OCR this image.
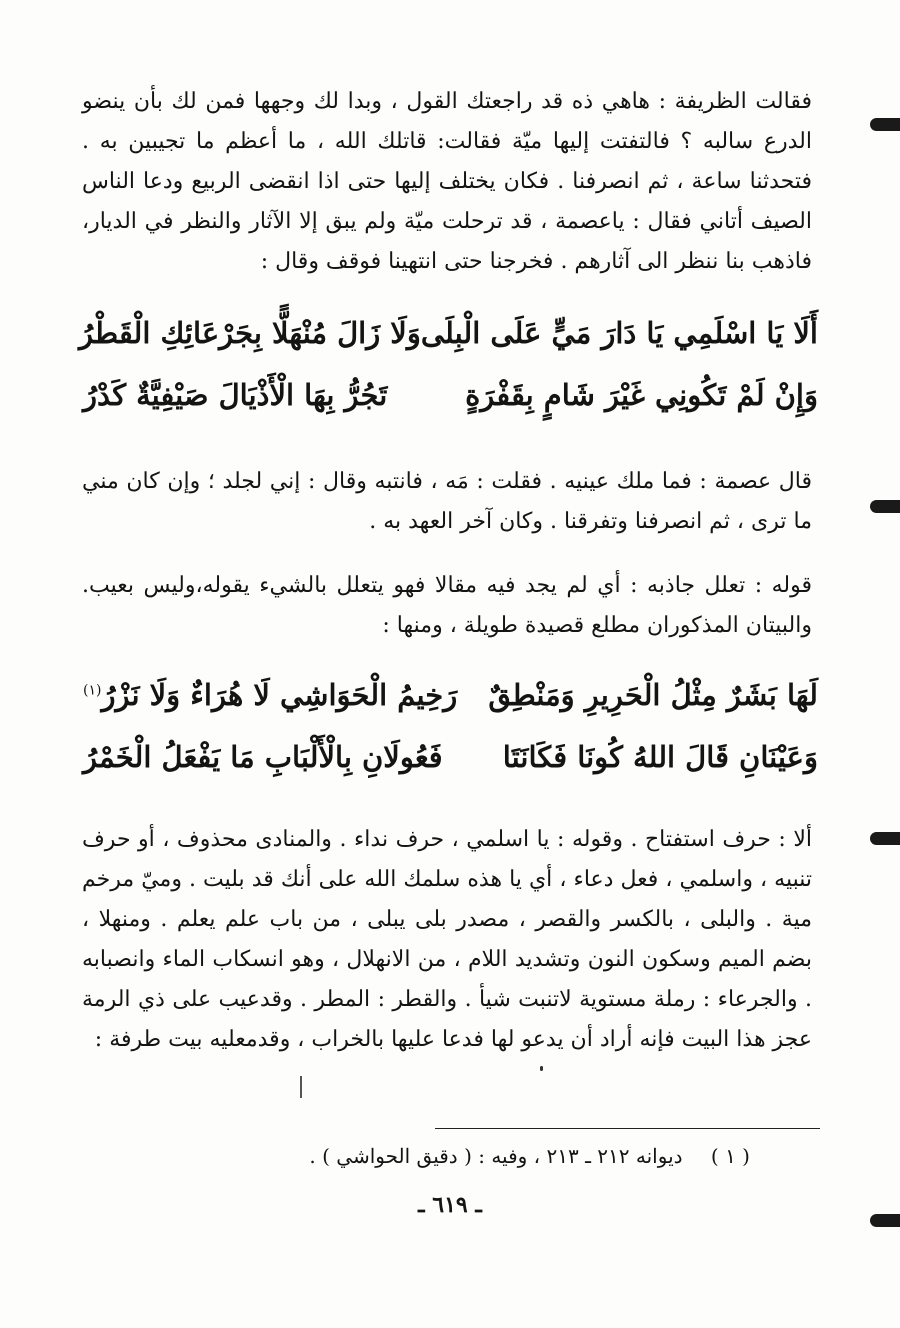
فقالت الظريفة : هاهي ذه قد راجعتك القول ، وبدا لك وجهها فمن لك بأن ينضو الدرع سالبه ؟ فالتفتت إليها ميّة فقالت: قاتلك الله ، ما أعظم ما تجيبين به . فتحدثنا ساعة ، ثم انصرفنا . فكان يختلف إليها حتى اذا انقضى الربيع ودعا الناس الصيف أتاني فقال : ياعصمة ، قد ترحلت ميّة ولم يبق إلا الآثار والنظر في الديار، فاذهب بنا ننظر الى آثارهم . فخرجنا حتى انتهينا فوقف وقال :

أَلَا يَا اسْلَمِي يَا دَارَ مَيٍّ عَلَى الْبِلَى
وَلَا زَالَ مُنْهَلًّا بِجَرْعَائِكِ الْقَطْرُ
وَإِنْ لَمْ تَكُونِي غَيْرَ شَامٍ بِقَفْرَةٍ
تَجُرُّ بِهَا الْأَذْيَالَ صَيْفِيَّةٌ كَدْرُ

قال عصمة : فما ملك عينيه . فقلت : مَه ، فانتبه وقال : إني لجلد ؛ وإن كان مني ما ترى ، ثم انصرفنا وتفرقنا . وكان آخر العهد به .

قوله : تعلل جاذبه : أي لم يجد فيه مقالا فهو يتعلل بالشيء يقوله،وليس بعيب. والبيتان المذكوران مطلع قصيدة طويلة ، ومنها :

لَهَا بَشَرٌ مِثْلُ الْحَرِيرِ وَمَنْطِقٌ
رَخِيمُ الْحَوَاشِي لَا هُرَاءٌ وَلَا نَزْرُ$^{(١)}$
وَعَيْنَانِ قَالَ اللهُ كُونَا فَكَانَتَا
فَعُولَانِ بِالْأَلْبَابِ مَا يَفْعَلُ الْخَمْرُ

ألا : حرف استفتاح . وقوله : يا اسلمي ، حرف نداء . والمنادى محذوف ، أو حرف تنبيه ، واسلمي ، فعل دعاء ، أي يا هذه سلمك الله على أنك قد بليت . وميّ مرخم مية . والبلى ، بالكسر والقصر ، مصدر بلى يبلى ، من باب علم يعلم . ومنهلا ، بضم الميم وسكون النون وتشديد اللام ، من الانهلال ، وهو انسكاب الماء وانصبابه . والجرعاء : رملة مستوية لاتنبت شيأ . والقطر : المطر . وقدعيب على ذي الرمة عجز هذا البيت فإنه أراد أن يدعو لها فدعا عليها بالخراب ، وقدمعليه بيت طرفة :

( ١ ) ديوانه ٢١٢ ـ ٢١٣ ، وفيه : ( دقيق الحواشي ) .
ـ ٦١٩ ـ
